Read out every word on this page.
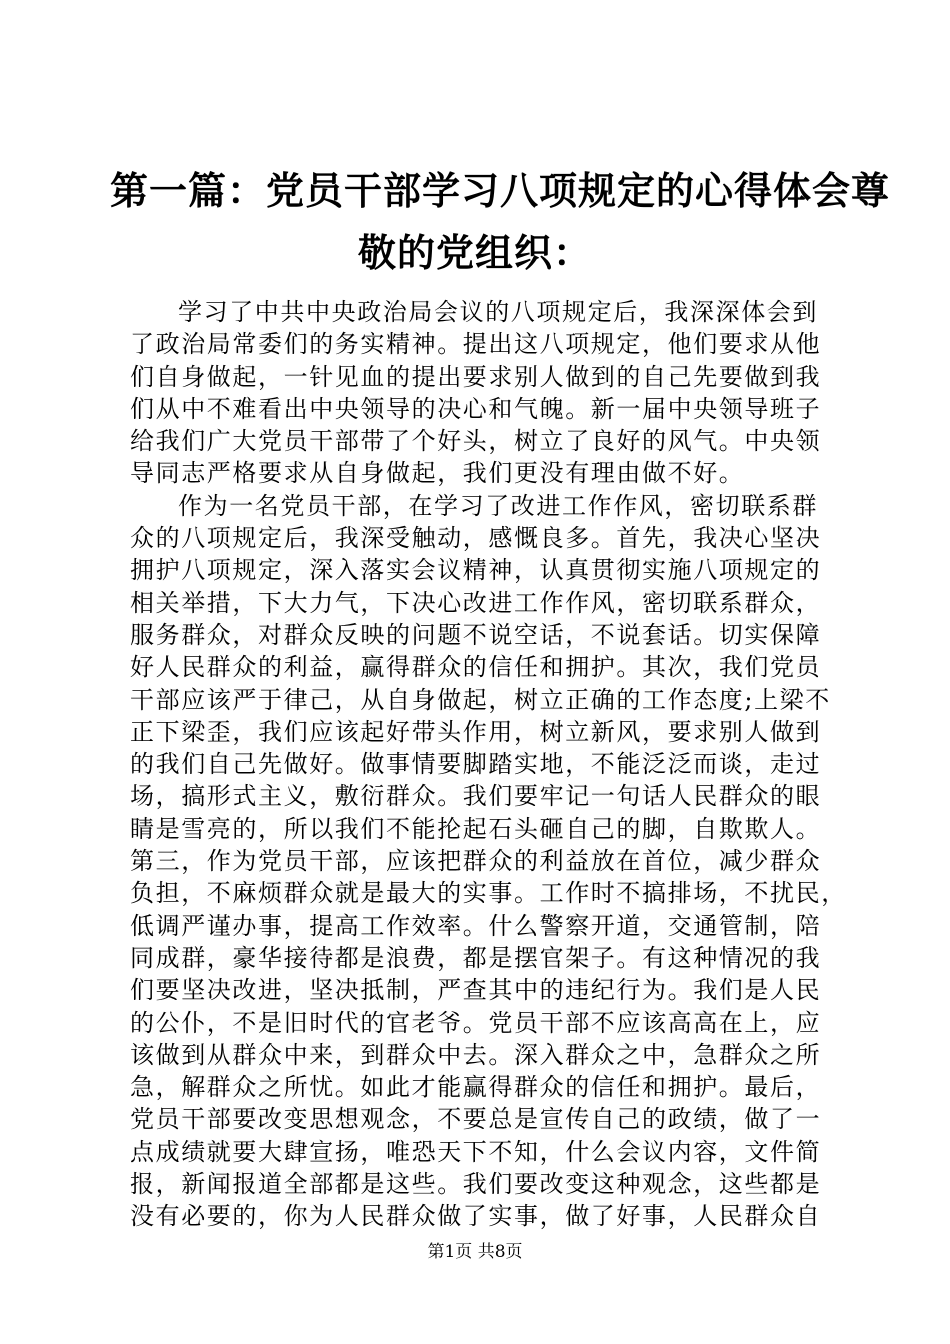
第一篇：党员干部学习八项规定的心得体会尊
敬的党组织：

学习了中共中央政治局会议的八项规定后，我深深体会到
了政治局常委们的务实精神。提出这八项规定，他们要求从他
们自身做起，一针见血的提出要求别人做到的自己先要做到我
们从中不难看出中央领导的决心和气魄。新一届中央领导班子
给我们广大党员干部带了个好头，树立了良好的风气。中央领
导同志严格要求从自身做起，我们更没有理由做不好。

作为一名党员干部，在学习了改进工作作风，密切联系群
众的八项规定后，我深受触动，感慨良多。首先，我决心坚决
拥护八项规定，深入落实会议精神，认真贯彻实施八项规定的
相关举措，下大力气，下决心改进工作作风，密切联系群众，
服务群众，对群众反映的问题不说空话，不说套话。切实保障
好人民群众的利益，赢得群众的信任和拥护。其次，我们党员
干部应该严于律己，从自身做起，树立正确的工作态度;上梁不
正下梁歪，我们应该起好带头作用，树立新风，要求别人做到
的我们自己先做好。做事情要脚踏实地，不能泛泛而谈，走过
场，搞形式主义，敷衍群众。我们要牢记一句话人民群众的眼
睛是雪亮的，所以我们不能抡起石头砸自己的脚，自欺欺人。
第三，作为党员干部，应该把群众的利益放在首位，减少群众
负担，不麻烦群众就是最大的实事。工作时不搞排场，不扰民，
低调严谨办事，提高工作效率。什么警察开道，交通管制，陪
同成群，豪华接待都是浪费，都是摆官架子。有这种情况的我
们要坚决改进，坚决抵制，严查其中的违纪行为。我们是人民
的公仆，不是旧时代的官老爷。党员干部不应该高高在上，应
该做到从群众中来，到群众中去。深入群众之中，急群众之所
急，解群众之所忧。如此才能赢得群众的信任和拥护。最后，
党员干部要改变思想观念，不要总是宣传自己的政绩，做了一
点成绩就要大肆宣扬，唯恐天下不知，什么会议内容，文件简
报，新闻报道全部都是这些。我们要改变这种观念，这些都是
没有必要的，你为人民群众做了实事，做了好事，人民群众自

第1页 共8页
